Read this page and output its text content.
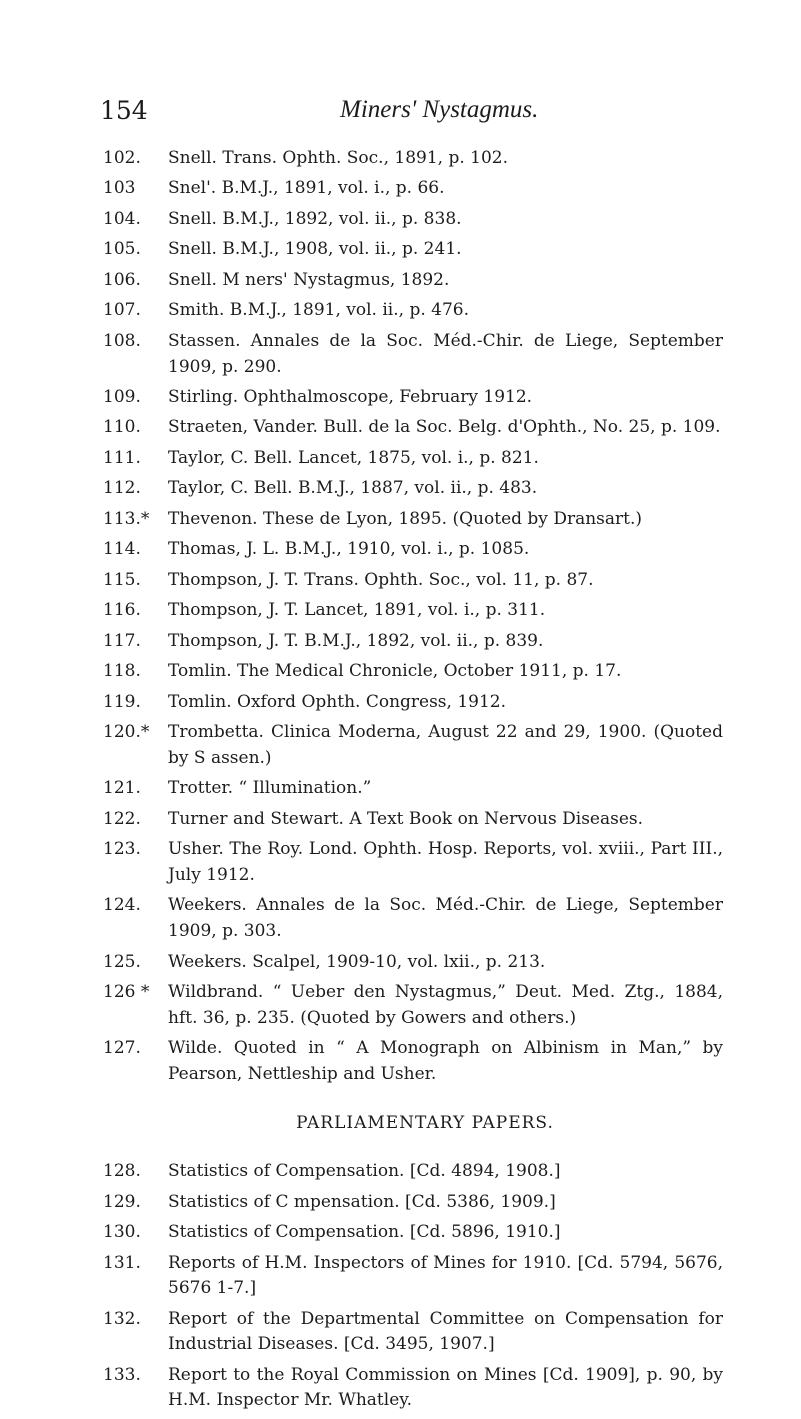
154	Miners' Nystagmus.
102. Snell. Trans. Ophth. Soc., 1891, p. 102.
103 Snel'. B.M.J., 1891, vol. i., p. 66.
104. Snell. B.M.J., 1892, vol. ii., p. 838.
105. Snell. B.M.J., 1908, vol. ii., p. 241.
106. Snell. M ners' Nystagmus, 1892.
107. Smith. B.M.J., 1891, vol. ii., p. 476.
108. Stassen. Annales de la Soc. Méd.-Chir. de Liege, September 1909, p. 290.
109. Stirling. Ophthalmoscope, February 1912.
110. Straeten, Vander. Bull. de la Soc. Belg. d'Ophth., No. 25, p. 109.
111. Taylor, C. Bell. Lancet, 1875, vol. i., p. 821.
112. Taylor, C. Bell. B.M.J., 1887, vol. ii., p. 483.
113.* Thevenon. These de Lyon, 1895. (Quoted by Dransart.)
114. Thomas, J. L. B.M.J., 1910, vol. i., p. 1085.
115. Thompson, J. T. Trans. Ophth. Soc., vol. 11, p. 87.
116. Thompson, J. T. Lancet, 1891, vol. i., p. 311.
117. Thompson, J. T. B.M.J., 1892, vol. ii., p. 839.
118. Tomlin. The Medical Chronicle, October 1911, p. 17.
119. Tomlin. Oxford Ophth. Congress, 1912.
120.* Trombetta. Clinica Moderna, August 22 and 29, 1900. (Quoted by S assen.)
121. Trotter. “ Illumination.”
122. Turner and Stewart. A Text Book on Nervous Diseases.
123. Usher. The Roy. Lond. Ophth. Hosp. Reports, vol. xviii., Part III., July 1912.
124. Weekers. Annales de la Soc. Méd.-Chir. de Liege, September 1909, p. 303.
125. Weekers. Scalpel, 1909-10, vol. lxii., p. 213.
126 * Wildbrand. “ Ueber den Nystagmus,” Deut. Med. Ztg., 1884, hft. 36, p. 235. (Quoted by Gowers and others.)
127. Wilde. Quoted in “ A Monograph on Albinism in Man,” by Pearson, Nettleship and Usher.
PARLIAMENTARY PAPERS.
128. Statistics of Compensation. [Cd. 4894, 1908.]
129. Statistics of C mpensation. [Cd. 5386, 1909.]
130. Statistics of Compensation. [Cd. 5896, 1910.]
131. Reports of H.M. Inspectors of Mines for 1910. [Cd. 5794, 5676, 5676 1-7.]
132. Report of the Departmental Committee on Compensation for Industrial Diseases. [Cd. 3495, 1907.]
133. Report to the Royal Commission on Mines [Cd. 1909], p. 90, by H.M. Inspector Mr. Whatley.
